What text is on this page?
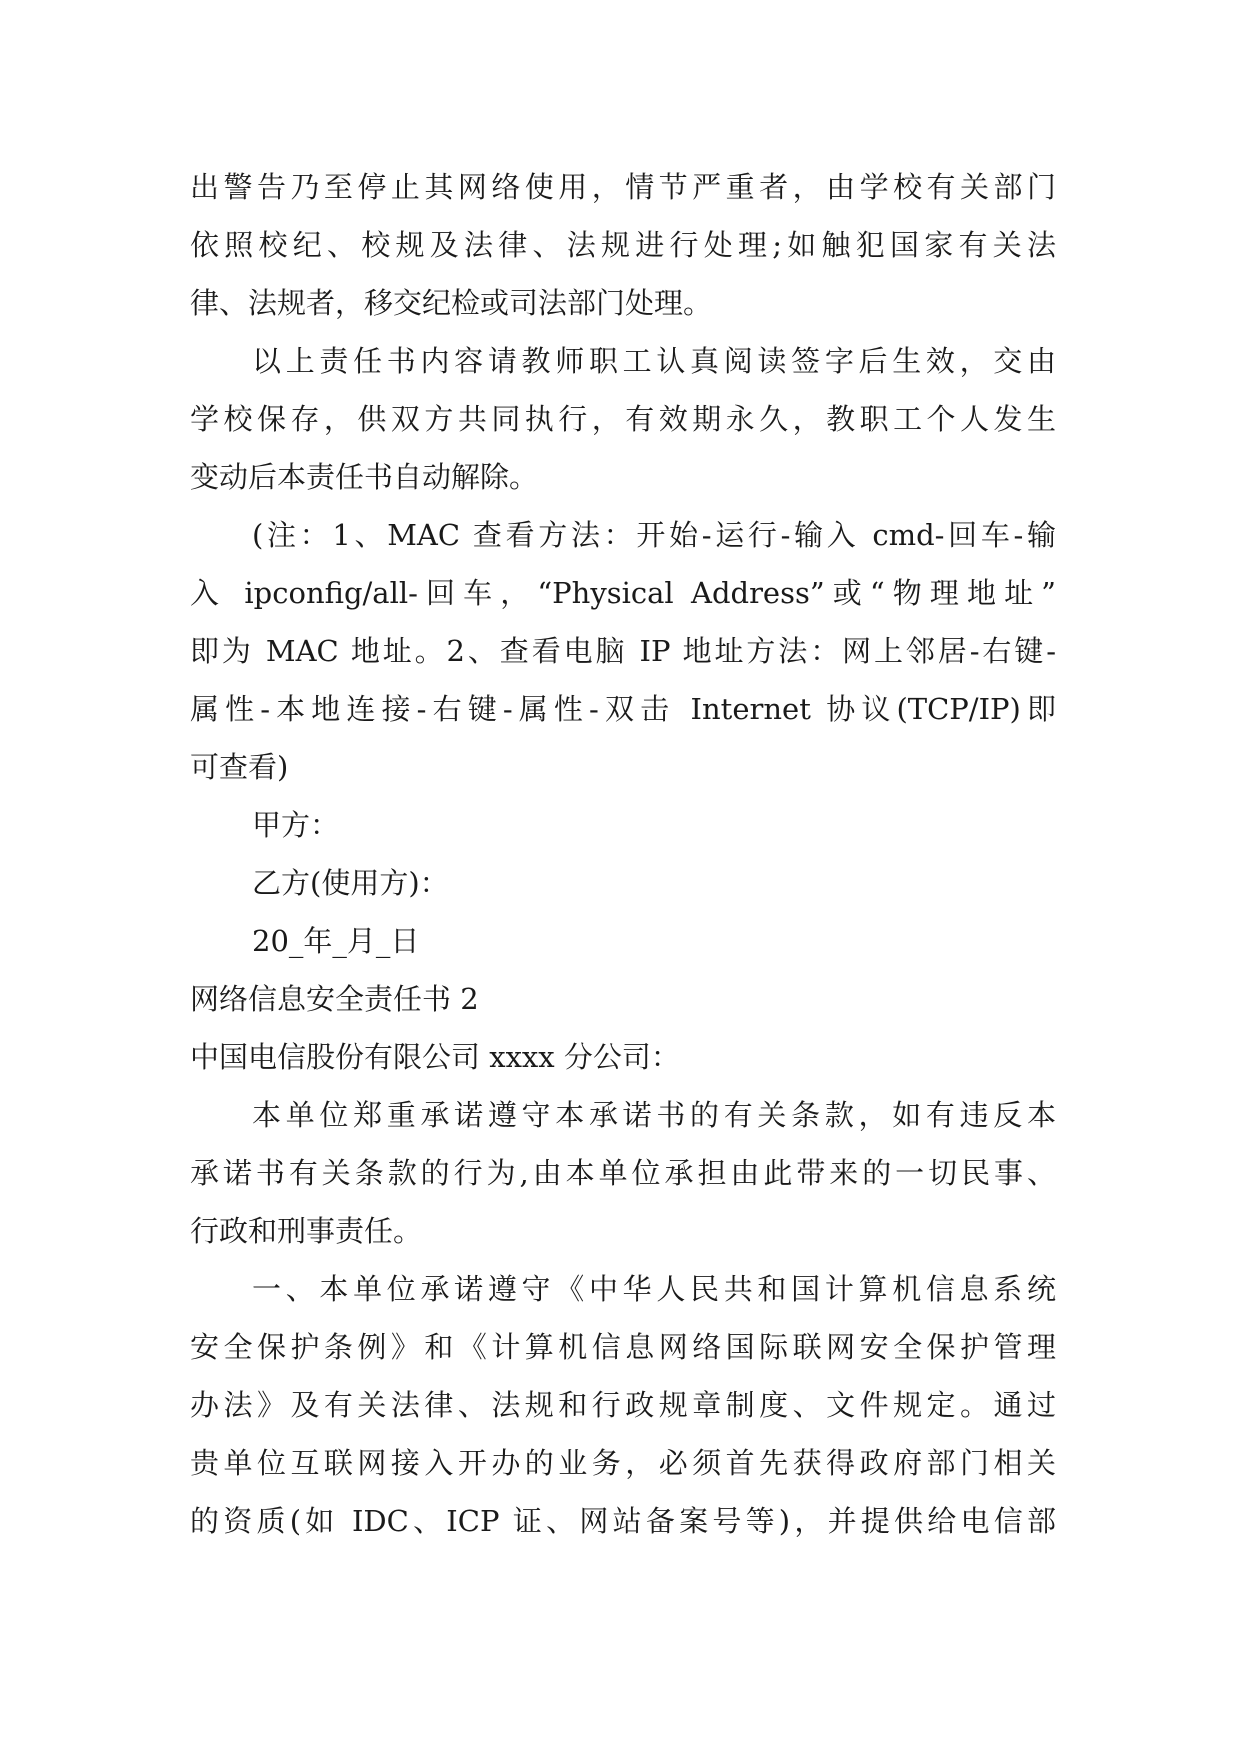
出警告乃至停止其网络使用，情节严重者，由学校有关部门
依照校纪、校规及法律、法规进行处理;如触犯国家有关法
律、法规者，移交纪检或司法部门处理。
以上责任书内容请教师职工认真阅读签字后生效，交由
学校保存，供双方共同执行，有效期永久，教职工个人发生
变动后本责任书自动解除。
(注：1、MAC 查看方法：开始-运行-输入 cmd-回车-输
入 ipconfig/all-回车，“Physical Address”或“物理地址”
即为 MAC 地址。2、查看电脑 IP 地址方法：网上邻居-右键-
属性-本地连接-右键-属性-双击 Internet 协议(TCP/IP)即
可查看)
甲方：
乙方(使用方)：
20_年_月_日
网络信息安全责任书 2
中国电信股份有限公司 xxxx 分公司：
本单位郑重承诺遵守本承诺书的有关条款，如有违反本
承诺书有关条款的行为,由本单位承担由此带来的一切民事、
行政和刑事责任。
一、本单位承诺遵守《中华人民共和国计算机信息系统
安全保护条例》和《计算机信息网络国际联网安全保护管理
办法》及有关法律、法规和行政规章制度、文件规定。通过
贵单位互联网接入开办的业务，必须首先获得政府部门相关
的资质(如 IDC、ICP 证、网站备案号等)，并提供给电信部
